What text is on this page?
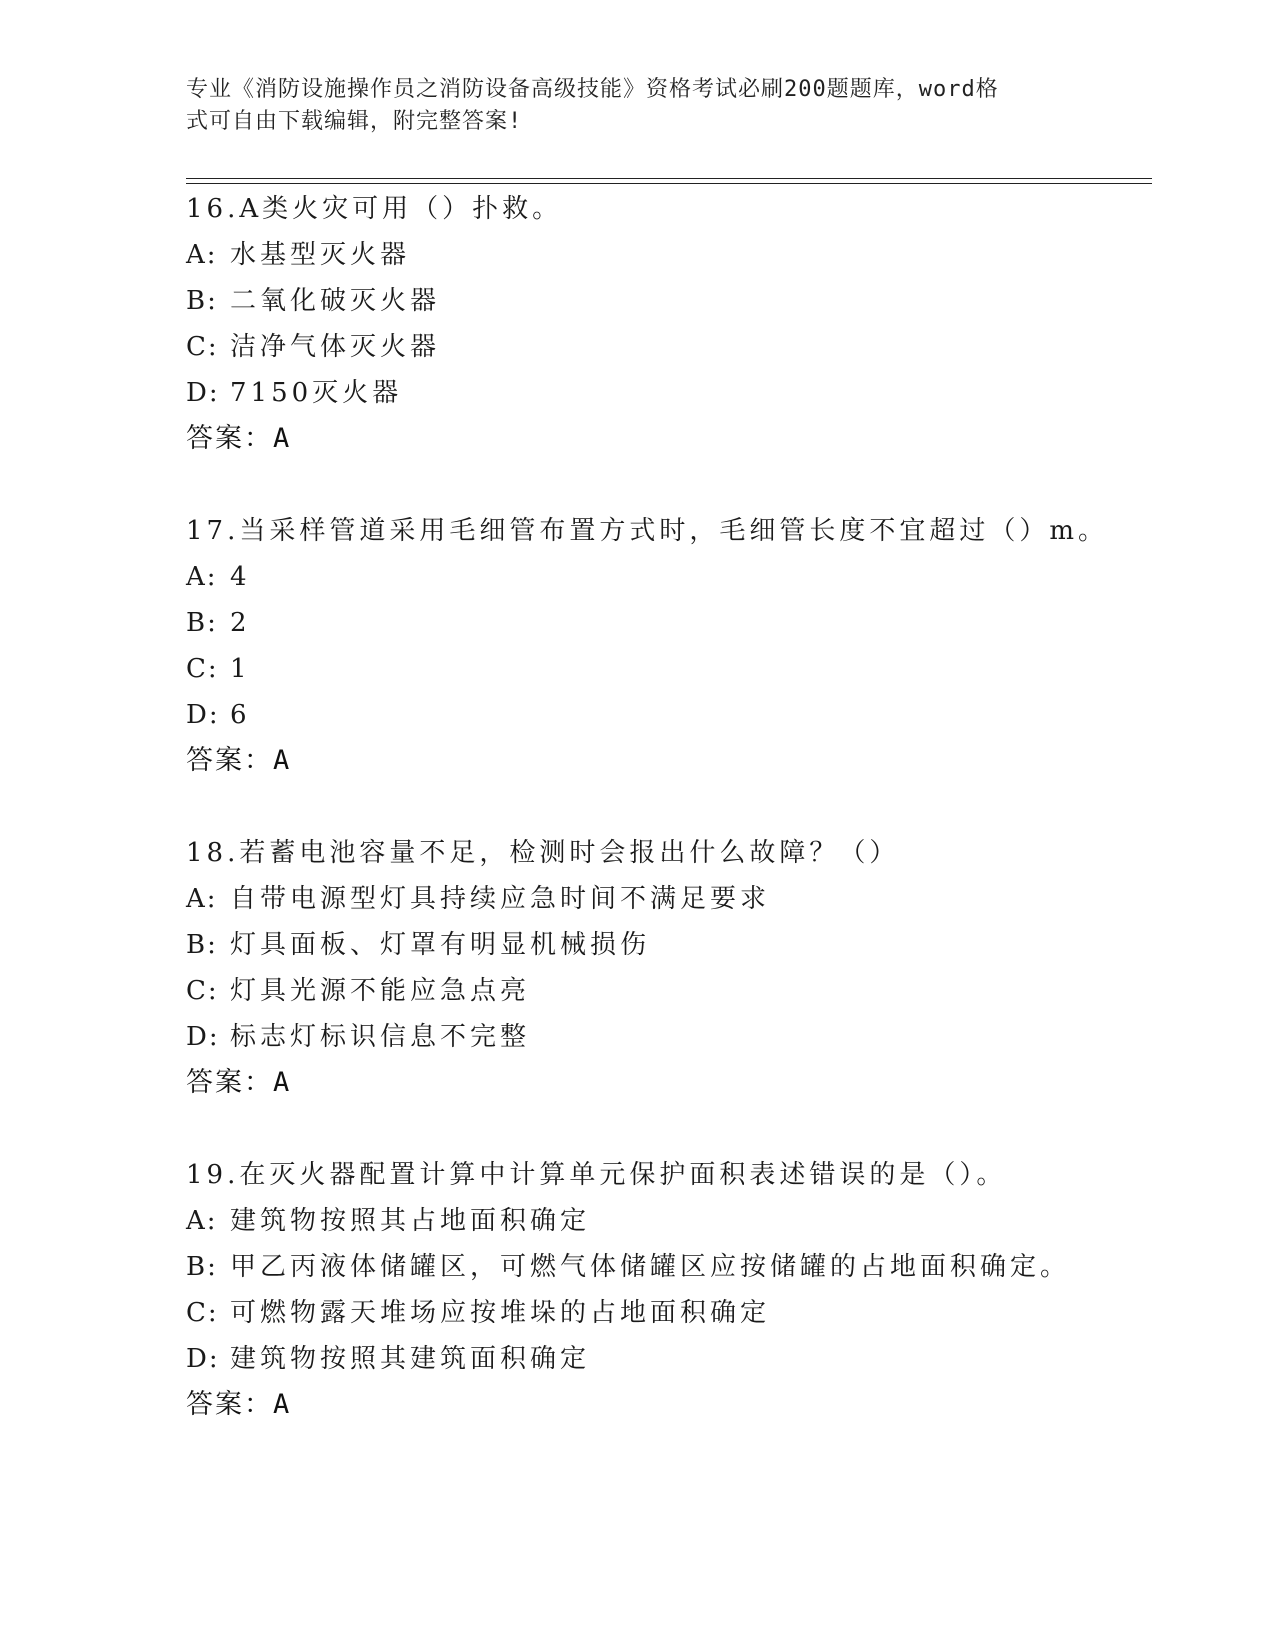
专业《消防设施操作员之消防设备高级技能》资格考试必刷200题题库，word格
式可自由下载编辑，附完整答案!
16.A类火灾可用（）扑救。
A: 水基型灭火器
B: 二氧化破灭火器
C: 洁净气体灭火器
D: 7150灭火器
答案：A
17.当采样管道采用毛细管布置方式时，毛细管长度不宜超过（）m。
A: 4
B: 2
C: 1
D: 6
答案：A
18.若蓄电池容量不足，检测时会报出什么故障？（）
A: 自带电源型灯具持续应急时间不满足要求
B: 灯具面板、灯罩有明显机械损伤
C: 灯具光源不能应急点亮
D: 标志灯标识信息不完整
答案：A
19.在灭火器配置计算中计算单元保护面积表述错误的是（）。
A: 建筑物按照其占地面积确定
B: 甲乙丙液体储罐区，可燃气体储罐区应按储罐的占地面积确定。
C: 可燃物露天堆场应按堆垛的占地面积确定
D: 建筑物按照其建筑面积确定
答案：A
